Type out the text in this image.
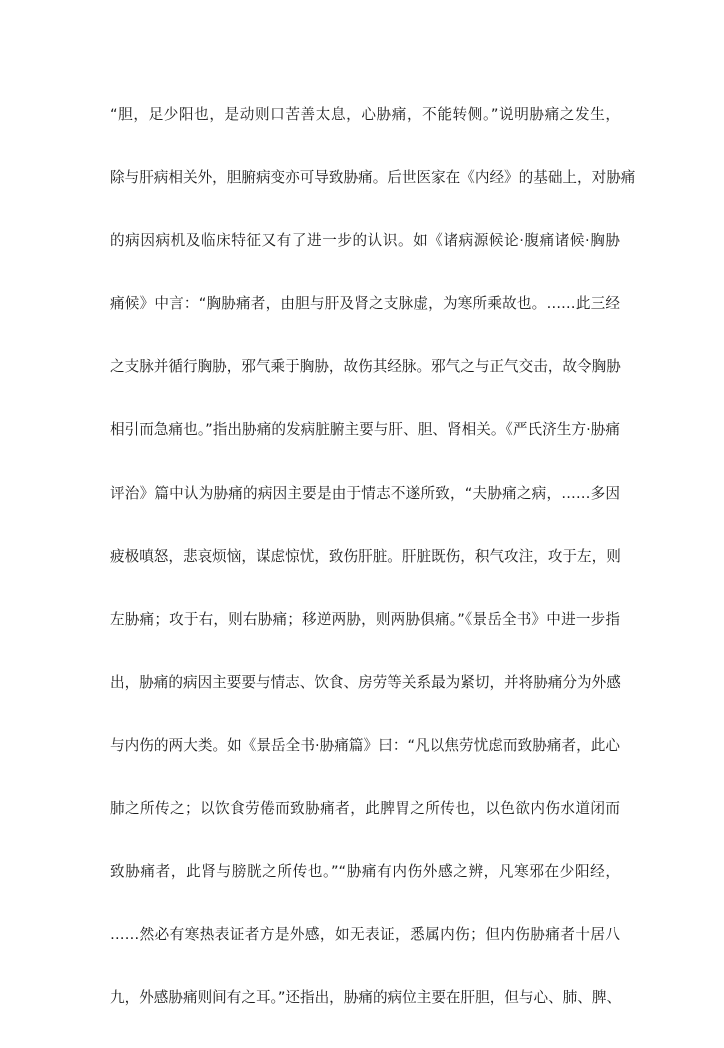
“胆，足少阳也，是动则口苦善太息，心胁痛，不能转侧。”说明胁痛之发生，
除与肝病相关外，胆腑病变亦可导致胁痛。后世医家在《内经》的基础上，对胁痛
的病因病机及临床特征又有了进一步的认识。如《诸病源候论·腹痛诸候·胸胁
痛候》中言：“胸胁痛者，由胆与肝及肾之支脉虚，为寒所乘故也。……此三经
之支脉并循行胸胁，邪气乘于胸胁，故伤其经脉。邪气之与正气交击，故令胸胁
相引而急痛也。”指出胁痛的发病脏腑主要与肝、胆、肾相关。《严氏济生方·胁痛
评治》篇中认为胁痛的病因主要是由于情志不遂所致，“夫胁痛之病，……多因
疲极嗔怒，悲哀烦恼，谋虑惊忧，致伤肝脏。肝脏既伤，积气攻注，攻于左，则
左胁痛；攻于右，则右胁痛；移逆两胁，则两胁俱痛。”《景岳全书》中进一步指
出，胁痛的病因主要要与情志、饮食、房劳等关系最为紧切，并将胁痛分为外感
与内伤的两大类。如《景岳全书·胁痛篇》曰：“凡以焦劳忧虑而致胁痛者，此心
肺之所传之；以饮食劳倦而致胁痛者，此脾胃之所传也，以色欲内伤水道闭而
致胁痛者，此肾与膀胱之所传也。”“胁痛有内伤外感之辨，凡寒邪在少阳经，
……然必有寒热表证者方是外感，如无表证，悉属内伤；但内伤胁痛者十居八
九，外感胁痛则间有之耳。”还指出，胁痛的病位主要在肝胆，但与心、肺、脾、
